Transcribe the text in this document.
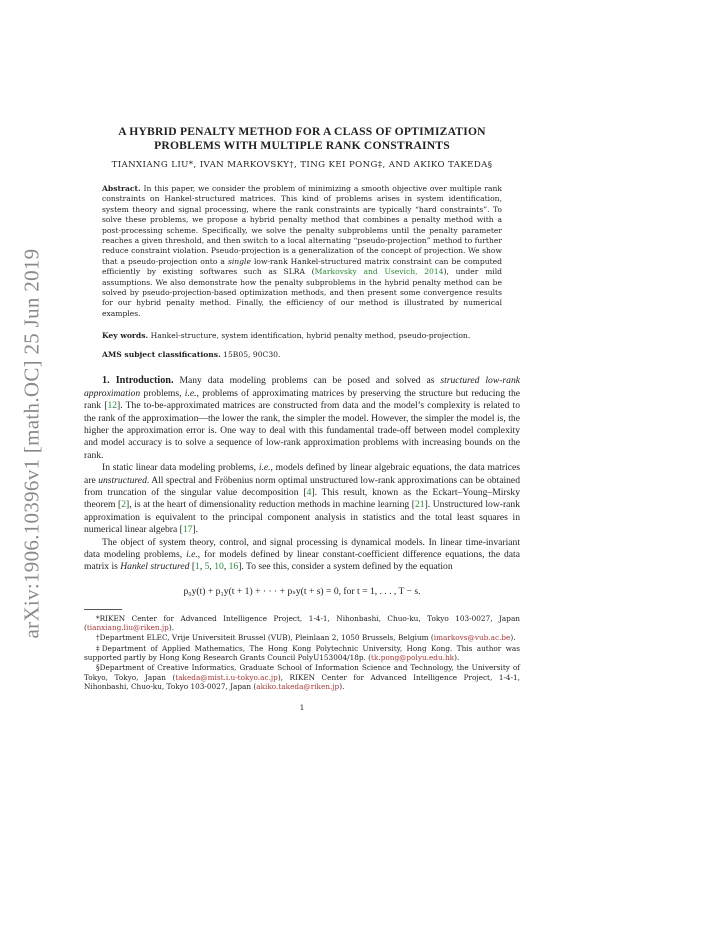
arXiv:1906.10396v1 [math.OC] 25 Jun 2019
A HYBRID PENALTY METHOD FOR A CLASS OF OPTIMIZATION
PROBLEMS WITH MULTIPLE RANK CONSTRAINTS
TIANXIANG LIU*, IVAN MARKOVSKY†, TING KEI PONG‡, AND AKIKO TAKEDA§
Abstract. In this paper, we consider the problem of minimizing a smooth objective over multiple rank constraints on Hankel-structured matrices. This kind of problems arises in system identification, system theory and signal processing, where the rank constraints are typically “hard constraints”. To solve these problems, we propose a hybrid penalty method that combines a penalty method with a post-processing scheme. Specifically, we solve the penalty subproblems until the penalty parameter reaches a given threshold, and then switch to a local alternating “pseudo-projection” method to further reduce constraint violation. Pseudo-projection is a generalization of the concept of projection. We show that a pseudo-projection onto a single low-rank Hankel-structured matrix constraint can be computed efficiently by existing softwares such as SLRA (Markovsky and Usevich, 2014), under mild assumptions. We also demonstrate how the penalty subproblems in the hybrid penalty method can be solved by pseudo-projection-based optimization methods, and then present some convergence results for our hybrid penalty method. Finally, the efficiency of our method is illustrated by numerical examples.
Key words. Hankel-structure, system identification, hybrid penalty method, pseudo-projection.
AMS subject classifications. 15B05, 90C30.

1. Introduction. Many data modeling problems can be posed and solved as structured low-rank approximation problems, i.e., problems of approximating matrices by preserving the structure but reducing the rank [12]. The to-be-approximated matrices are constructed from data and the model’s complexity is related to the rank of the approximation—the lower the rank, the simpler the model. However, the simpler the model is, the higher the approximation error is. One way to deal with this fundamental trade-off between model complexity and model accuracy is to solve a sequence of low-rank approximation problems with increasing bounds on the rank.

In static linear data modeling problems, i.e., models defined by linear algebraic equations, the data matrices are unstructured. All spectral and Fröbenius norm optimal unstructured low-rank approximations can be obtained from truncation of the singular value decomposition [4]. This result, known as the Eckart–Young–Mirsky theorem [2], is at the heart of dimensionality reduction methods in machine learning [21]. Unstructured low-rank approximation is equivalent to the principal component analysis in statistics and the total least squares in numerical linear algebra [17].

The object of system theory, control, and signal processing is dynamical models. In linear time-invariant data modeling problems, i.e., for models defined by linear constant-coefficient difference equations, the data matrix is Hankel structured [1, 5, 10, 16]. To see this, consider a system defined by the equation

p₀y(t) + p₁y(t + 1) + · · · + pₛy(t + s) = 0, for t = 1, . . . , T − s.

*RIKEN Center for Advanced Intelligence Project, 1-4-1, Nihonbashi, Chuo-ku, Tokyo 103-0027, Japan (tianxiang.liu@riken.jp).

†Department ELEC, Vrije Universiteit Brussel (VUB), Pleinlaan 2, 1050 Brussels, Belgium (imarkovs@vub.ac.be).

‡Department of Applied Mathematics, The Hong Kong Polytechnic University, Hong Kong. This author was supported partly by Hong Kong Research Grants Council PolyU153004/18p. (tk.pong@polyu.edu.hk).

§Department of Creative Informatics, Graduate School of Information Science and Technology, the University of Tokyo, Tokyo, Japan (takeda@mist.i.u-tokyo.ac.jp), RIKEN Center for Advanced Intelligence Project, 1-4-1, Nihonbashi, Chuo-ku, Tokyo 103-0027, Japan (akiko.takeda@riken.jp).

1
